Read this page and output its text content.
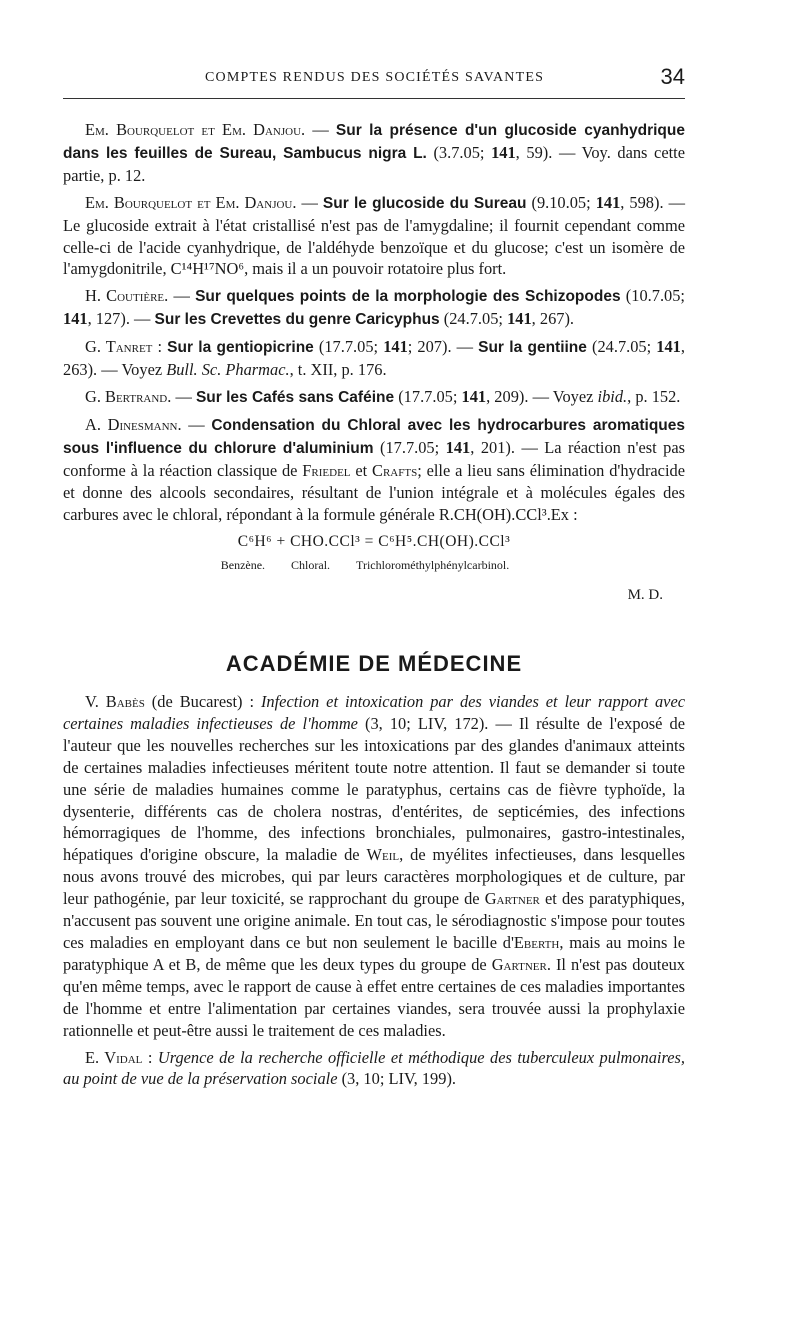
COMPTES RENDUS DES SOCIÉTÉS SAVANTES	34

Em. Bourquelot et Em. Danjou. — Sur la présence d'un glucoside cyanhydrique dans les feuilles de Sureau, Sambucus nigra L. (3.7.05; 141, 59). — Voy. dans cette partie, p. 12.

Em. Bourquelot et Em. Danjou. — Sur le glucoside du Sureau (9.10.05; 141, 598). — Le glucoside extrait à l'état cristallisé n'est pas de l'amygdaline; il fournit cependant comme celle-ci de l'acide cyanhydrique, de l'aldéhyde benzoïque et du glucose; c'est un isomère de l'amygdonitrile, C¹⁴H¹⁷NO⁶, mais il a un pouvoir rotatoire plus fort.

H. Coutière. — Sur quelques points de la morphologie des Schizopodes (10.7.05; 141, 127). — Sur les Crevettes du genre Caricyphus (24.7.05; 141, 267).

G. Tanret : Sur la gentiopicrine (17.7.05; 141; 207). — Sur la gentiine (24.7.05; 141, 263). — Voyez Bull. Sc. Pharmac., t. XII, p. 176.

G. Bertrand. — Sur les Cafés sans Caféine (17.7.05; 141, 209). — Voyez ibid., p. 152.

A. Dinesmann. — Condensation du Chloral avec les hydrocarbures aromatiques sous l'influence du chlorure d'aluminium (17.7.05; 141, 201). — La réaction n'est pas conforme à la réaction classique de Friedel et Crafts; elle a lieu sans élimination d'hydracide et donne des alcools secondaires, résultant de l'union intégrale et à molécules égales des carbures avec le chloral, répondant à la formule générale R.CH(OH).CCl³.Ex :

C⁶H⁶ + CHO.CCl³ = C⁶H⁵.CH(OH).CCl³
Benzène. Chloral. Trichlorométhylphénylcarbinol.
M. D.
ACADÉMIE DE MÉDECINE

V. Babès (de Bucarest) : Infection et intoxication par des viandes et leur rapport avec certaines maladies infectieuses de l'homme (3, 10; LIV, 172). — Il résulte de l'exposé de l'auteur que les nouvelles recherches sur les intoxications par des glandes d'animaux atteints de certaines maladies infectieuses méritent toute notre attention. Il faut se demander si toute une série de maladies humaines comme le paratyphus, certains cas de fièvre typhoïde, la dysenterie, différents cas de cholera nostras, d'entérites, de septicémies, des infections hémorragiques de l'homme, des infections bronchiales, pulmonaires, gastro-intestinales, hépatiques d'origine obscure, la maladie de Weil, de myélites infectieuses, dans lesquelles nous avons trouvé des microbes, qui par leurs caractères morphologiques et de culture, par leur pathogénie, par leur toxicité, se rapprochant du groupe de Gartner et des paratyphiques, n'accusent pas souvent une origine animale. En tout cas, le sérodiagnostic s'impose pour toutes ces maladies en employant dans ce but non seulement le bacille d'Eberth, mais au moins le paratyphique A et B, de même que les deux types du groupe de Gartner. Il n'est pas douteux qu'en même temps, avec le rapport de cause à effet entre certaines de ces maladies importantes de l'homme et entre l'alimentation par certaines viandes, sera trouvée aussi la prophylaxie rationnelle et peut-être aussi le traitement de ces maladies.

E. Vidal : Urgence de la recherche officielle et méthodique des tuberculeux pulmonaires, au point de vue de la préservation sociale (3, 10; LIV, 199).
